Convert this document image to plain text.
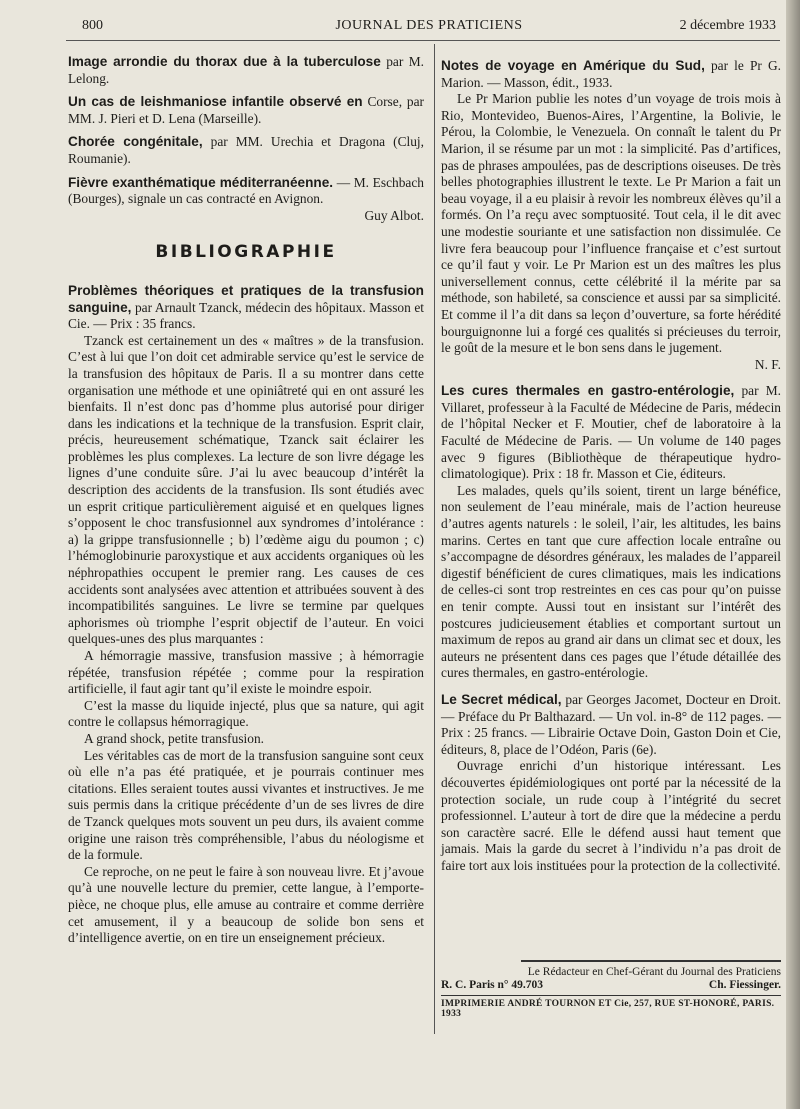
800	JOURNAL DES PRATICIENS	2 décembre 1933

Image arrondie du thorax due à la tuberculose par M. Lelong.

Un cas de leishmaniose infantile observé en Corse, par MM. J. Pieri et D. Lena (Marseille).

Chorée congénitale, par MM. Urechia et Dragona (Cluj, Roumanie).

Fièvre exanthématique méditerranéenne. — M. Eschbach (Bourges), signale un cas contracté en Avignon.

Guy Albot.

BIBLIOGRAPHIE

Problèmes théoriques et pratiques de la transfusion sanguine, par Arnault Tzanck, médecin des hôpitaux. Masson et Cie. — Prix : 35 francs.

Tzanck est certainement un des « maîtres » de la transfusion. C’est à lui que l’on doit cet admirable service qu’est le service de la transfusion des hôpitaux de Paris. Il a su montrer dans cette organisation une méthode et une opiniâtreté qui en ont assuré les bienfaits. Il n’est donc pas d’homme plus autorisé pour diriger dans les indications et la technique de la transfusion. Esprit clair, précis, heureusement schématique, Tzanck sait éclairer les problèmes les plus complexes. La lecture de son livre dégage les lignes d’une conduite sûre. J’ai lu avec beaucoup d’intérêt la description des accidents de la transfusion. Ils sont étudiés avec un esprit critique particulièrement aiguisé et en quelques lignes s’opposent le choc transfusionnel aux syndromes d’intolérance : a) la grippe transfusionnelle ; b) l’œdème aigu du poumon ; c) l’hémoglobinurie paroxystique et aux accidents organiques où les néphropathies occupent le premier rang. Les causes de ces accidents sont analysées avec attention et attribuées souvent à des incompatibilités sanguines. Le livre se termine par quelques aphorismes où triomphe l’esprit objectif de l’auteur. En voici quelques-unes des plus marquantes :

A hémorragie massive, transfusion massive ; à hémorragie répétée, transfusion répétée ; comme pour la respiration artificielle, il faut agir tant qu’il existe le moindre espoir.

C’est la masse du liquide injecté, plus que sa nature, qui agit contre le collapsus hémorragique.

A grand shock, petite transfusion.

Les véritables cas de mort de la transfusion sanguine sont ceux où elle n’a pas été pratiquée, et je pourrais continuer mes citations. Elles seraient toutes aussi vivantes et instructives. Je me suis permis dans la critique précédente d’un de ses livres de dire de Tzanck quelques mots souvent un peu durs, ils avaient comme origine une raison très compréhensible, l’abus du néologisme et de la formule.

Ce reproche, on ne peut le faire à son nouveau livre. Et j’avoue qu’à une nouvelle lecture du premier, cette langue, à l’emporte-pièce, ne choque plus, elle amuse au contraire et comme derrière cet amusement, il y a beaucoup de solide bon sens et d’intelligence avertie, on en tire un enseignement précieux.

Notes de voyage en Amérique du Sud, par le Pr G. Marion. — Masson, édit., 1933.

Le Pr Marion publie les notes d’un voyage de trois mois à Rio, Montevideo, Buenos-Aires, l’Argentine, la Bolivie, le Pérou, la Colombie, le Venezuela. On connaît le talent du Pr Marion, il se résume par un mot : la simplicité. Pas d’artifices, pas de phrases ampoulées, pas de descriptions oiseuses. De très belles photographies illustrent le texte. Le Pr Marion a fait un beau voyage, il a eu plaisir à revoir les nombreux élèves qu’il a formés. On l’a reçu avec somptuosité. Tout cela, il le dit avec une modestie souriante et une satisfaction non dissimulée. Ce livre fera beaucoup pour l’influence française et c’est surtout ce qu’il faut y voir. Le Pr Marion est un des maîtres les plus universellement connus, cette célébrité il la mérite par sa méthode, son habileté, sa conscience et aussi par sa simplicité. Et comme il l’a dit dans sa leçon d’ouverture, sa forte hérédité bourguignonne lui a forgé ces qualités si précieuses du terroir, le goût de la mesure et le bon sens dans le jugement.

N. F.

Les cures thermales en gastro-entérologie, par M. Villaret, professeur à la Faculté de Médecine de Paris, médecin de l’hôpital Necker et F. Moutier, chef de laboratoire à la Faculté de Médecine de Paris. — Un volume de 140 pages avec 9 figures (Bibliothèque de thérapeutique hydro-climatologique). Prix : 18 fr. Masson et Cie, éditeurs.

Les malades, quels qu’ils soient, tirent un large bénéfice, non seulement de l’eau minérale, mais de l’action heureuse d’autres agents naturels : le soleil, l’air, les altitudes, les bains marins. Certes en tant que cure affection locale entraîne ou s’accompagne de désordres généraux, les malades de l’appareil digestif bénéficient de cures climatiques, mais les indications de celles-ci sont trop restreintes en ces cas pour qu’on puisse en tenir compte. Aussi tout en insistant sur l’intérêt des postcures judicieusement établies et comportant surtout un maximum de repos au grand air dans un climat sec et doux, les auteurs ne présentent dans ces pages que l’étude détaillée des cures thermales, en gastro-entérologie.

Le Secret médical, par Georges Jacomet, Docteur en Droit. — Préface du Pr Balthazard. — Un vol. in-8° de 112 pages. — Prix : 25 francs. — Librairie Octave Doin, Gaston Doin et Cie, éditeurs, 8, place de l’Odéon, Paris (6e).

Ouvrage enrichi d’un historique intéressant. Les découvertes épidémiologiques ont porté par la nécessité de la protection sociale, un rude coup à l’intégrité du secret professionnel. L’auteur à tort de dire que la médecine a perdu son caractère sacré. Elle le défend aussi haut tement que jamais. Mais la garde du secret à l’individu n’a pas droit de faire tort aux lois instituées pour la protection de la collectivité.

Le Rédacteur en Chef-Gérant du Journal des Praticiens
R. C. Paris n° 49.703	Ch. Fiessinger.
IMPRIMERIE ANDRÉ TOURNON ET Cie, 257, RUE ST-HONORÉ, PARIS. 1933
